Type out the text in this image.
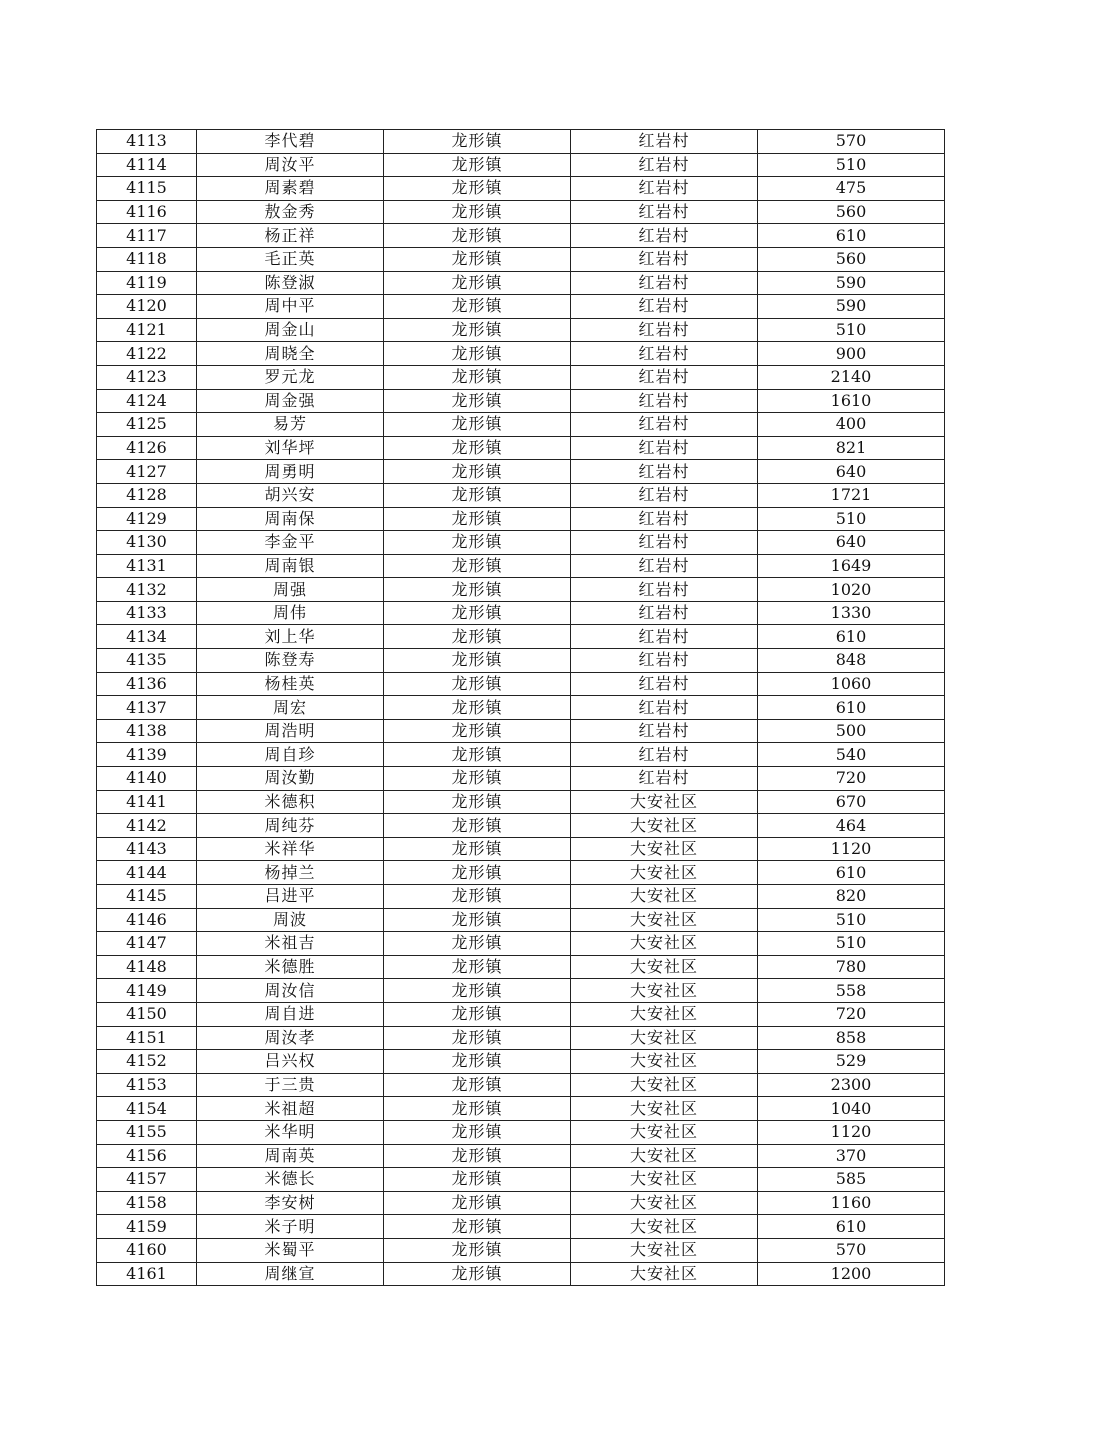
4113	李代碧	龙形镇	红岩村	570
4114	周汝平	龙形镇	红岩村	510
4115	周素碧	龙形镇	红岩村	475
4116	敖金秀	龙形镇	红岩村	560
4117	杨正祥	龙形镇	红岩村	610
4118	毛正英	龙形镇	红岩村	560
4119	陈登淑	龙形镇	红岩村	590
4120	周中平	龙形镇	红岩村	590
4121	周金山	龙形镇	红岩村	510
4122	周晓全	龙形镇	红岩村	900
4123	罗元龙	龙形镇	红岩村	2140
4124	周金强	龙形镇	红岩村	1610
4125	易芳	龙形镇	红岩村	400
4126	刘华坪	龙形镇	红岩村	821
4127	周勇明	龙形镇	红岩村	640
4128	胡兴安	龙形镇	红岩村	1721
4129	周南保	龙形镇	红岩村	510
4130	李金平	龙形镇	红岩村	640
4131	周南银	龙形镇	红岩村	1649
4132	周强	龙形镇	红岩村	1020
4133	周伟	龙形镇	红岩村	1330
4134	刘上华	龙形镇	红岩村	610
4135	陈登寿	龙形镇	红岩村	848
4136	杨桂英	龙形镇	红岩村	1060
4137	周宏	龙形镇	红岩村	610
4138	周浩明	龙形镇	红岩村	500
4139	周自珍	龙形镇	红岩村	540
4140	周汝勤	龙形镇	红岩村	720
4141	米德积	龙形镇	大安社区	670
4142	周纯芬	龙形镇	大安社区	464
4143	米祥华	龙形镇	大安社区	1120
4144	杨掉兰	龙形镇	大安社区	610
4145	吕进平	龙形镇	大安社区	820
4146	周波	龙形镇	大安社区	510
4147	米祖吉	龙形镇	大安社区	510
4148	米德胜	龙形镇	大安社区	780
4149	周汝信	龙形镇	大安社区	558
4150	周自进	龙形镇	大安社区	720
4151	周汝孝	龙形镇	大安社区	858
4152	吕兴权	龙形镇	大安社区	529
4153	于三贵	龙形镇	大安社区	2300
4154	米祖超	龙形镇	大安社区	1040
4155	米华明	龙形镇	大安社区	1120
4156	周南英	龙形镇	大安社区	370
4157	米德长	龙形镇	大安社区	585
4158	李安树	龙形镇	大安社区	1160
4159	米子明	龙形镇	大安社区	610
4160	米蜀平	龙形镇	大安社区	570
4161	周继宣	龙形镇	大安社区	1200
